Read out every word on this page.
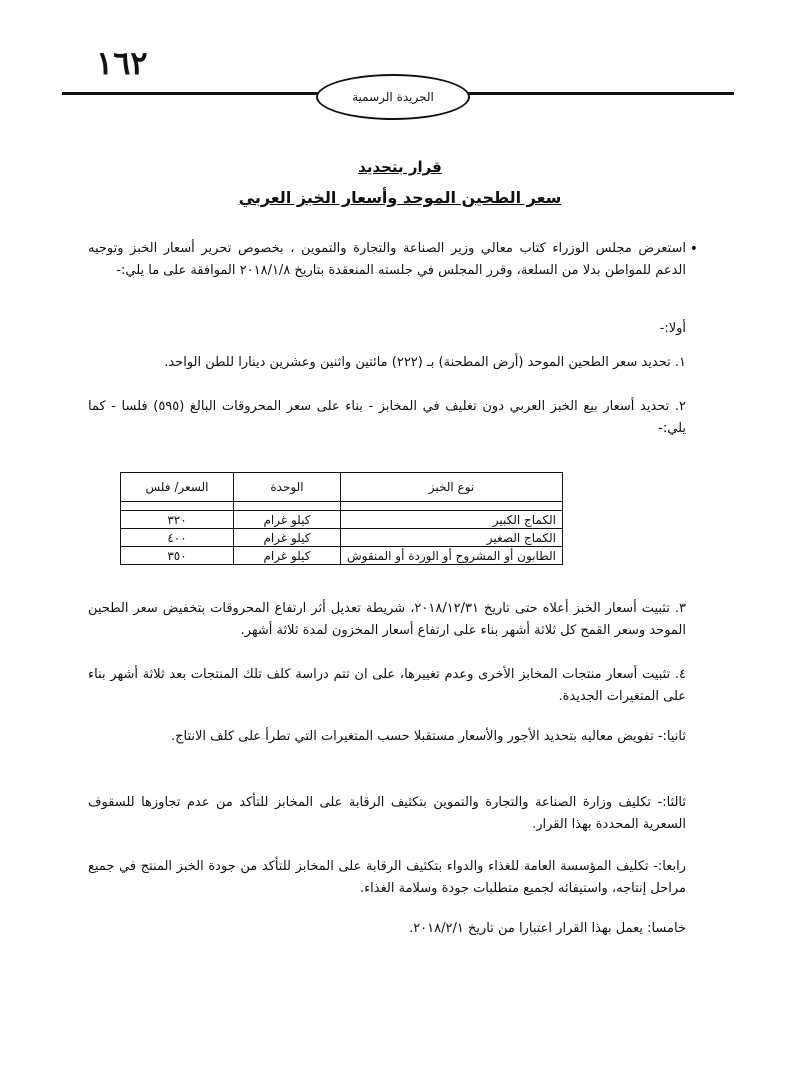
١٦٢
الجريدة الرسمية
قرار بتحديد
سعر الطحين الموحد وأسعار الخبز العربي
•
استعرض مجلس الوزراء كتاب معالي وزير الصناعة والتجارة والتموين ، بخصوص تحرير أسعار الخبز وتوجيه الدعم للمواطن بدلا من السلعة، وقرر المجلس في جلسته المنعقدة بتاريخ ٢٠١٨/١/٨ الموافقة على ما يلي:-
أولا:-
١. تحديد سعر الطحين الموحد (أرض المطحنة) بـ (٢٢٢) مائتين واثنين وعشرين دينارا للطن الواحد.
٢. تحديد أسعار بيع الخبز العربي دون تغليف في المخابز - بناء على سعر المحروقات البالغ (٥٩٥) فلسا - كما يلي:-
نوع الخبز	الوحدة	السعر/ فلس

الكماج الكبير	كيلو غرام	٣٢٠
الكماج الصغير	كيلو غرام	٤٠٠
الطابون أو المشروح أو الوردة أو المنقوش	كيلو غرام	٣٥٠
٣. تثبيت أسعار الخبز أعلاه حتى تاريخ ٢٠١٨/١٢/٣١، شريطة تعديل أثر ارتفاع المحروقات بتخفيض سعر الطحين الموحد وسعر القمح كل ثلاثة أشهر بناء على ارتفاع أسعار المخزون لمدة ثلاثة أشهر.
٤. تثبيت أسعار منتجات المخابز الأخرى وعدم تغييرها، على ان تتم دراسة كلف تلك المنتجات بعد ثلاثة أشهر بناء على المتغيرات الجديدة.
ثانيا:- تفويض معاليه بتحديد الأجور والأسعار مستقبلا حسب المتغيرات التي تطرأ على كلف الانتاج.
ثالثا:- تكليف وزارة الصناعة والتجارة والتموين بتكثيف الرقابة على المخابز للتأكد من عدم تجاوزها للسقوف السعرية المحددة بهذا القرار.
رابعا:- تكليف المؤسسة العامة للغذاء والدواء بتكثيف الرقابة على المخابز للتأكد من جودة الخبز المنتج في جميع مراحل إنتاجه، واستيفائه لجميع متطلبات جودة وسلامة الغذاء.
خامسا: يعمل بهذا القرار اعتبارا من تاريخ ٢٠١٨/٢/١.
